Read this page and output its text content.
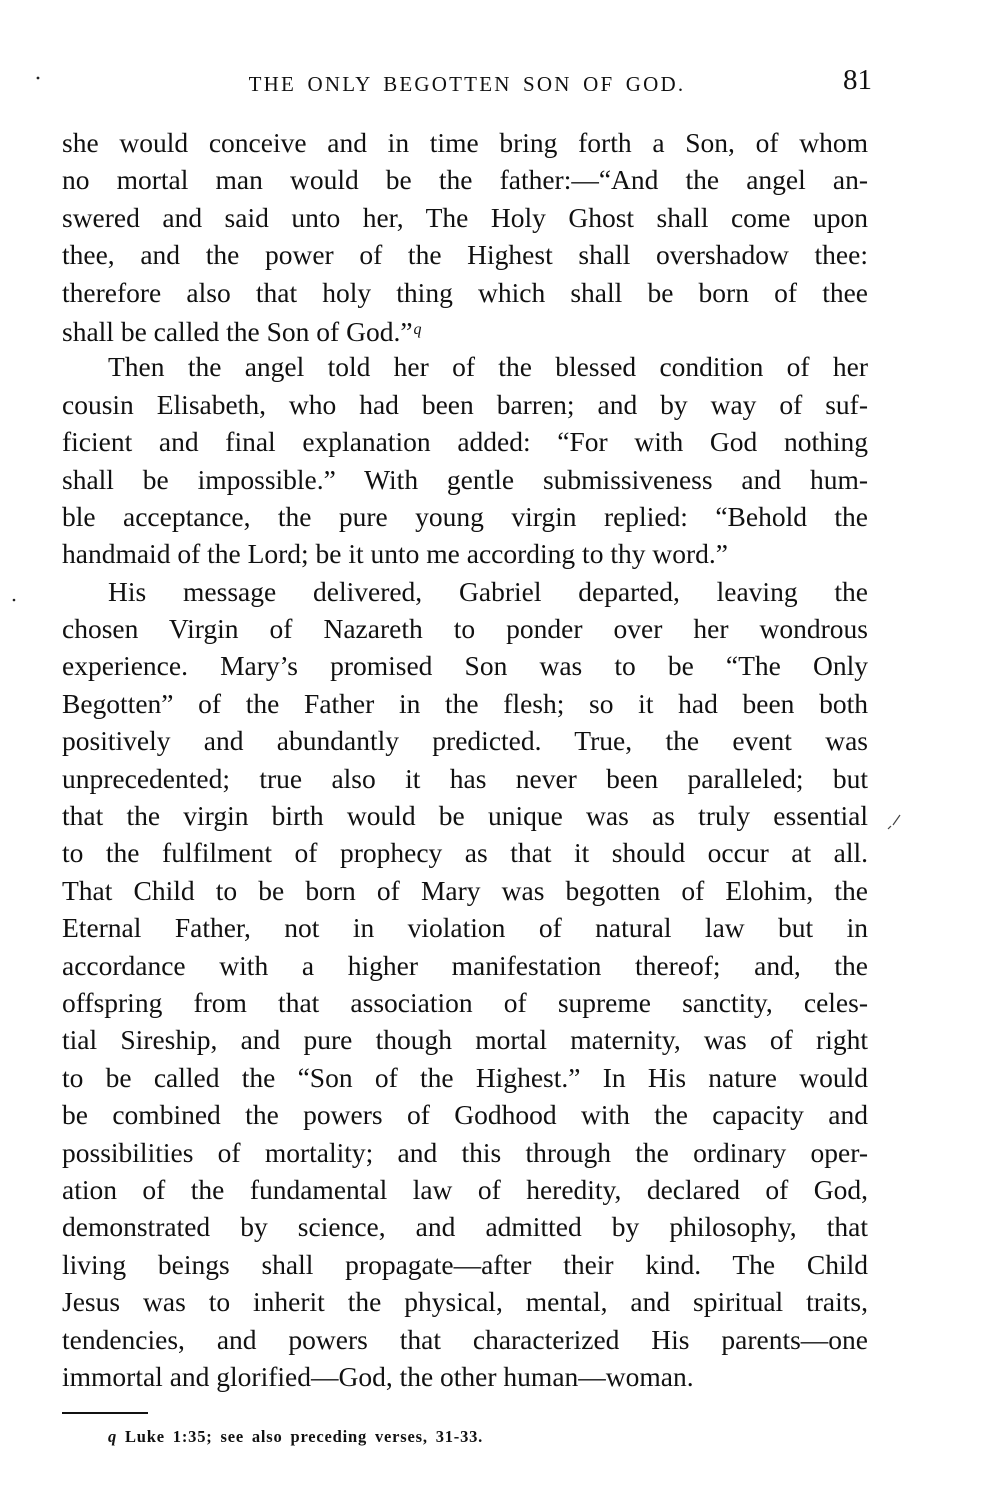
THE ONLY BEGOTTEN SON OF GOD.	81
she would conceive and in time bring forth a Son, of whom
no mortal man would be the father:—“And the angel an-
swered and said unto her, The Holy Ghost shall come upon
thee, and the power of the Highest shall overshadow thee:
therefore also that holy thing which shall be born of thee
shall be called the Son of God.”$^q$
Then the angel told her of the blessed condition of her
cousin Elisabeth, who had been barren; and by way of suf-
ficient and final explanation added: “For with God nothing
shall be impossible.” With gentle submissiveness and hum-
ble acceptance, the pure young virgin replied: “Behold the
handmaid of the Lord; be it unto me according to thy word.”
His message delivered, Gabriel departed, leaving the
chosen Virgin of Nazareth to ponder over her wondrous
experience. Mary’s promised Son was to be “The Only
Begotten” of the Father in the flesh; so it had been both
positively and abundantly predicted. True, the event was
unprecedented; true also it has never been paralleled; but
that the virgin birth would be unique was as truly essential
to the fulfilment of prophecy as that it should occur at all.
That Child to be born of Mary was begotten of Elohim, the
Eternal Father, not in violation of natural law but in
accordance with a higher manifestation thereof; and, the
offspring from that association of supreme sanctity, celes-
tial Sireship, and pure though mortal maternity, was of right
to be called the “Son of the Highest.” In His nature would
be combined the powers of Godhood with the capacity and
possibilities of mortality; and this through the ordinary oper-
ation of the fundamental law of heredity, declared of God,
demonstrated by science, and admitted by philosophy, that
living beings shall propagate—after their kind. The Child
Jesus was to inherit the physical, mental, and spiritual traits,
tendencies, and powers that characterized His parents—one
immortal and glorified—God, the other human—woman.
q Luke 1:35; see also preceding verses, 31-33.
